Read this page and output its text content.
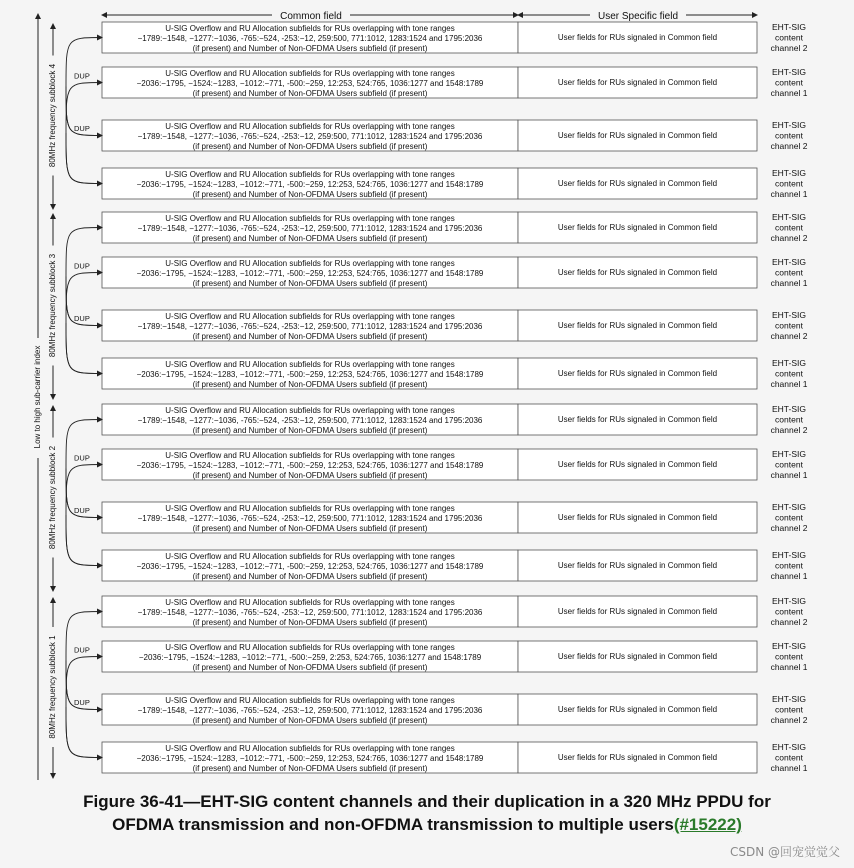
Common field	User Specific field
Low to high sub-carrier index
80MHz frequency subblock 4
U-SIG Overflow and RU Allocation subfields for RUs overlapping with tone ranges
−1789:−1548, −1277:−1036, -765:−524, -253:−12, 259:500, 771:1012, 1283:1524 and 1795:2036
(if present) and Number of Non-OFDMA Users subfield (if present)
User fields for RUs signaled in Common field
EHT-SIG
content
channel 2
U-SIG Overflow and RU Allocation subfields for RUs overlapping with tone ranges
−2036:−1795, −1524:−1283, −1012:−771, -500:−259, 12:253, 524:765, 1036:1277 and 1548:1789
(if present) and Number of Non-OFDMA Users subfield (if present)
User fields for RUs signaled in Common field
EHT-SIG
content
channel 1
U-SIG Overflow and RU Allocation subfields for RUs overlapping with tone ranges
−1789:−1548, −1277:−1036, -765:−524, -253:−12, 259:500, 771:1012, 1283:1524 and 1795:2036
(if present) and Number of Non-OFDMA Users subfield (if present)
User fields for RUs signaled in Common field
EHT-SIG
content
channel 2
U-SIG Overflow and RU Allocation subfields for RUs overlapping with tone ranges
−2036:−1795, −1524:−1283, −1012:−771, -500:−259, 12:253, 524:765, 1036:1277 and 1548:1789
(if present) and Number of Non-OFDMA Users subfield (if present)
User fields for RUs signaled in Common field
EHT-SIG
content
channel 1
DUP
DUP
80MHz frequency subblock 3
U-SIG Overflow and RU Allocation subfields for RUs overlapping with tone ranges
−1789:−1548, −1277:−1036, -765:−524, -253:−12, 259:500, 771:1012, 1283:1524 and 1795:2036
(if present) and Number of Non-OFDMA Users subfield (if present)
User fields for RUs signaled in Common field
EHT-SIG
content
channel 2
U-SIG Overflow and RU Allocation subfields for RUs overlapping with tone ranges
−2036:−1795, −1524:−1283, −1012:−771, -500:−259, 12:253, 524:765, 1036:1277 and 1548:1789
(if present) and Number of Non-OFDMA Users subfield (if present)
User fields for RUs signaled in Common field
EHT-SIG
content
channel 1
U-SIG Overflow and RU Allocation subfields for RUs overlapping with tone ranges
−1789:−1548, −1277:−1036, -765:−524, -253:−12, 259:500, 771:1012, 1283:1524 and 1795:2036
(if present) and Number of Non-OFDMA Users subfield (if present)
User fields for RUs signaled in Common field
EHT-SIG
content
channel 2
U-SIG Overflow and RU Allocation subfields for RUs overlapping with tone ranges
−2036:−1795, −1524:−1283, −1012:−771, -500:−259, 12:253, 524:765, 1036:1277 and 1548:1789
(if present) and Number of Non-OFDMA Users subfield (if present)
User fields for RUs signaled in Common field
EHT-SIG
content
channel 1
DUP
DUP
80MHz frequency subblock 2
U-SIG Overflow and RU Allocation subfields for RUs overlapping with tone ranges
−1789:−1548, −1277:−1036, -765:−524, -253:−12, 259:500, 771:1012, 1283:1524 and 1795:2036
(if present) and Number of Non-OFDMA Users subfield (if present)
User fields for RUs signaled in Common field
EHT-SIG
content
channel 2
U-SIG Overflow and RU Allocation subfields for RUs overlapping with tone ranges
−2036:−1795, −1524:−1283, −1012:−771, -500:−259, 12:253, 524:765, 1036:1277 and 1548:1789
(if present) and Number of Non-OFDMA Users subfield (if present)
User fields for RUs signaled in Common field
EHT-SIG
content
channel 1
U-SIG Overflow and RU Allocation subfields for RUs overlapping with tone ranges
−1789:−1548, −1277:−1036, -765:−524, -253:−12, 259:500, 771:1012, 1283:1524 and 1795:2036
(if present) and Number of Non-OFDMA Users subfield (if present)
User fields for RUs signaled in Common field
EHT-SIG
content
channel 2
U-SIG Overflow and RU Allocation subfields for RUs overlapping with tone ranges
−2036:−1795, −1524:−1283, −1012:−771, -500:−259, 12:253, 524:765, 1036:1277 and 1548:1789
(if present) and Number of Non-OFDMA Users subfield (if present)
User fields for RUs signaled in Common field
EHT-SIG
content
channel 1
DUP
DUP
80MHz frequency subblock 1
U-SIG Overflow and RU Allocation subfields for RUs overlapping with tone ranges
−1789:−1548, −1277:−1036, -765:−524, -253:−12, 259:500, 771:1012, 1283:1524 and 1795:2036
(if present) and Number of Non-OFDMA Users subfield (if present)
User fields for RUs signaled in Common field
EHT-SIG
content
channel 2
U-SIG Overflow and RU Allocation subfields for RUs overlapping with tone ranges
−2036:−1795, −1524:−1283, −1012:−771, -500:−259, 2:253, 524:765, 1036:1277 and 1548:1789
(if present) and Number of Non-OFDMA Users subfield (if present)
User fields for RUs signaled in Common field
EHT-SIG
content
channel 1
U-SIG Overflow and RU Allocation subfields for RUs overlapping with tone ranges
−1789:−1548, −1277:−1036, -765:−524, -253:−12, 259:500, 771:1012, 1283:1524 and 1795:2036
(if present) and Number of Non-OFDMA Users subfield (if present)
User fields for RUs signaled in Common field
EHT-SIG
content
channel 2
U-SIG Overflow and RU Allocation subfields for RUs overlapping with tone ranges
−2036:−1795, −1524:−1283, −1012:−771, -500:−259, 12:253, 524:765, 1036:1277 and 1548:1789
(if present) and Number of Non-OFDMA Users subfield (if present)
User fields for RUs signaled in Common field
EHT-SIG
content
channel 1
DUP
DUP
Figure 36-41—EHT-SIG content channels and their duplication in a 320 MHz PPDU for
OFDMA transmission and non-OFDMA transmission to multiple users(#15222)
CSDN @回宠觉觉父
